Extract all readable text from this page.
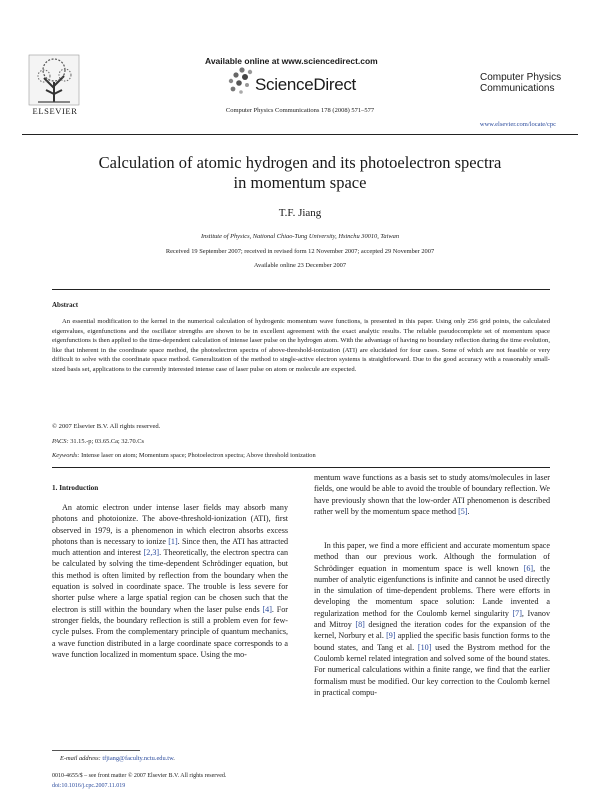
ELSEVIER
Available online at www.sciencedirect.com
ScienceDirect
Computer Physics Communications 178 (2008) 571–577
Computer Physics
Communications
www.elsevier.com/locate/cpc
Calculation of atomic hydrogen and its photoelectron spectra
in momentum space
T.F. Jiang
Institute of Physics, National Chiao-Tung University, Hsinchu 30010, Taiwan
Received 19 September 2007; received in revised form 12 November 2007; accepted 29 November 2007
Available online 23 December 2007
Abstract
An essential modification to the kernel in the numerical calculation of hydrogenic momentum wave functions, is presented in this paper. Using only 256 grid points, the calculated eigenvalues, eigenfunctions and the oscillator strengths are shown to be in excellent agreement with the exact analytic results. The reliable pseudocomplete set of momentum space eigenfunctions is then applied to the time-dependent calculation of intense laser pulse on the hydrogen atom. With the advantage of having no boundary reflection during the time evolution, like that inherent in the coordinate space method, the photoelectron spectra of above-threshold-ionization (ATI) are elucidated for four cases. Some of which are not feasible or very difficult to solve with the coordinate space method. Generalization of the method to single-active electron systems is straightforward. Due to the good accuracy with a reasonably small-sized basis set, applications to the currently interested intense case of laser pulse on atom or molecule are expected.
© 2007 Elsevier B.V. All rights reserved.
PACS: 31.15.-p; 03.65.Ca; 32.70.Cs
Keywords: Intense laser on atom; Momentum space; Photoelectron spectra; Above threshold ionization
1. Introduction
An atomic electron under intense laser fields may absorb many photons and photoionize. The above-threshold-ionization (ATI), first observed in 1979, is a phenomenon in which electron absorbs excess photons than is necessary to ionize [1]. Since then, the ATI has attracted much attention and interest [2,3]. Theoretically, the electron spectra can be calculated by solving the time-dependent Schrödinger equation, but this method is often limited by reflection from the boundary when the equation is solved in coordinate space. The trouble is less severe for shorter pulse where a large spatial region can be chosen such that the electron is still within the boundary when the laser pulse ends [4]. For stronger fields, the boundary reflection is still a problem even for few-cycle pulses. From the complementary principle of quantum mechanics, a wave function distributed in a large coordinate space corresponds to a wave function localized in momentum space. Using the mo-
mentum wave functions as a basis set to study atoms/molecules in laser fields, one would be able to avoid the trouble of boundary reflection. We have previously shown that the low-order ATI phenomenon is described rather well by the momentum space method [5].
In this paper, we find a more efficient and accurate momentum space method than our previous work. Although the formulation of Schrödinger equation in momentum space is well known [6], the number of analytic eigenfunctions is infinite and cannot be used directly in the simulation of time-dependent problems. There were efforts in developing the momentum space solution: Lande invented a regularization method for the Coulomb kernel singularity [7], Ivanov and Mitroy [8] designed the iteration codes for the expansion of the kernel, Norbury et al. [9] applied the specific basis function forms to the bound states, and Tang et al. [10] used the Bystrom method for the Coulomb kernel related integration and solved some of the bound states. For numerical calculations within a finite range, we find that the earlier formalism must be modified. Our key correction to the Coulomb kernel in practical compu-
E-mail address: tfjiang@faculty.nctu.edu.tw.
0010-4655/$ – see front matter © 2007 Elsevier B.V. All rights reserved.
doi:10.1016/j.cpc.2007.11.019
